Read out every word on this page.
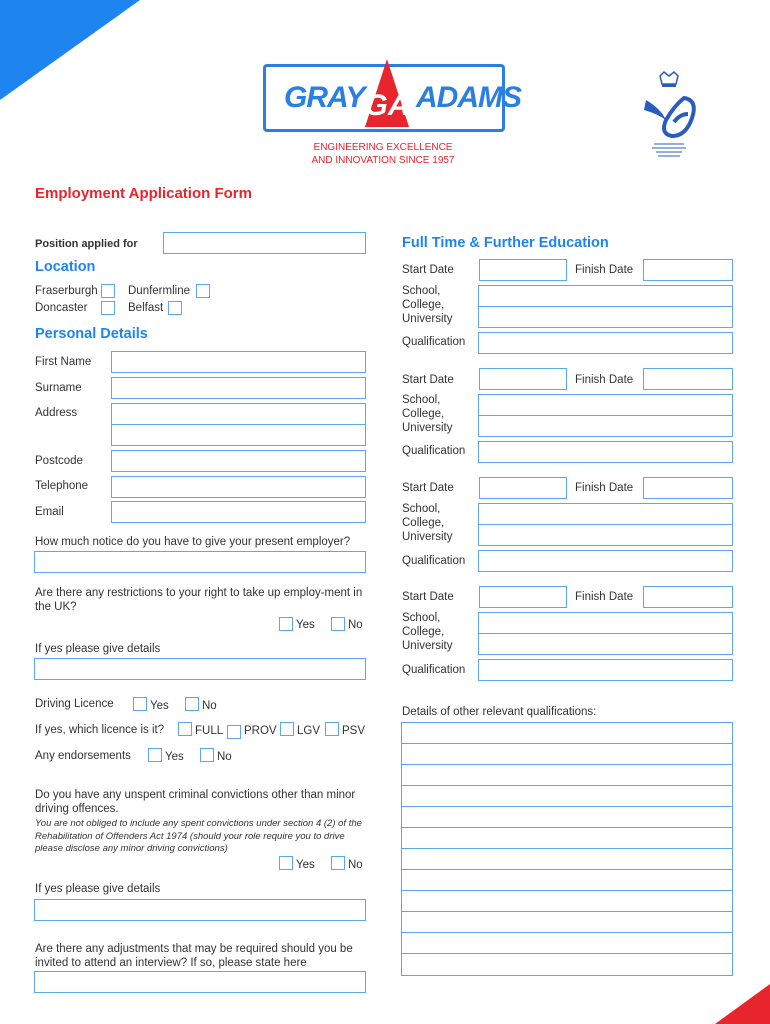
GRAY GA ADAMS
ENGINEERING EXCELLENCE
AND INNOVATION SINCE 1957
Employment Application Form
Position applied for
Location
Fraserburgh	Dunfermline
Doncaster	Belfast
Personal Details
First Name
Surname
Address
Postcode
Telephone
Email
How much notice do you have to give your present employer?
Are there any restrictions to your right to take up employ-ment in the UK?
Yes	No
If yes please give details
Driving Licence	Yes	No
If yes, which licence is it?	FULL PROV LGV PSV
Any endorsements	Yes	No
Do you have any unspent criminal convictions other than minor driving offences.
You are not obliged to include any spent convictions under section 4 (2) of the Rehabilitation of Offenders Act 1974 (should your role require you to drive please disclose any minor driving convictions)
Yes	No
If yes please give details
Are there any adjustments that may be required should you be invited to attend an interview? If so, please state here
Full Time & Further Education
Start Date	Finish Date
School, College, University
Qualification
Start Date	Finish Date
School, College, University
Qualification
Start Date	Finish Date
School, College, University
Qualification
Start Date	Finish Date
School, College, University
Qualification
Details of other relevant qualifications:
